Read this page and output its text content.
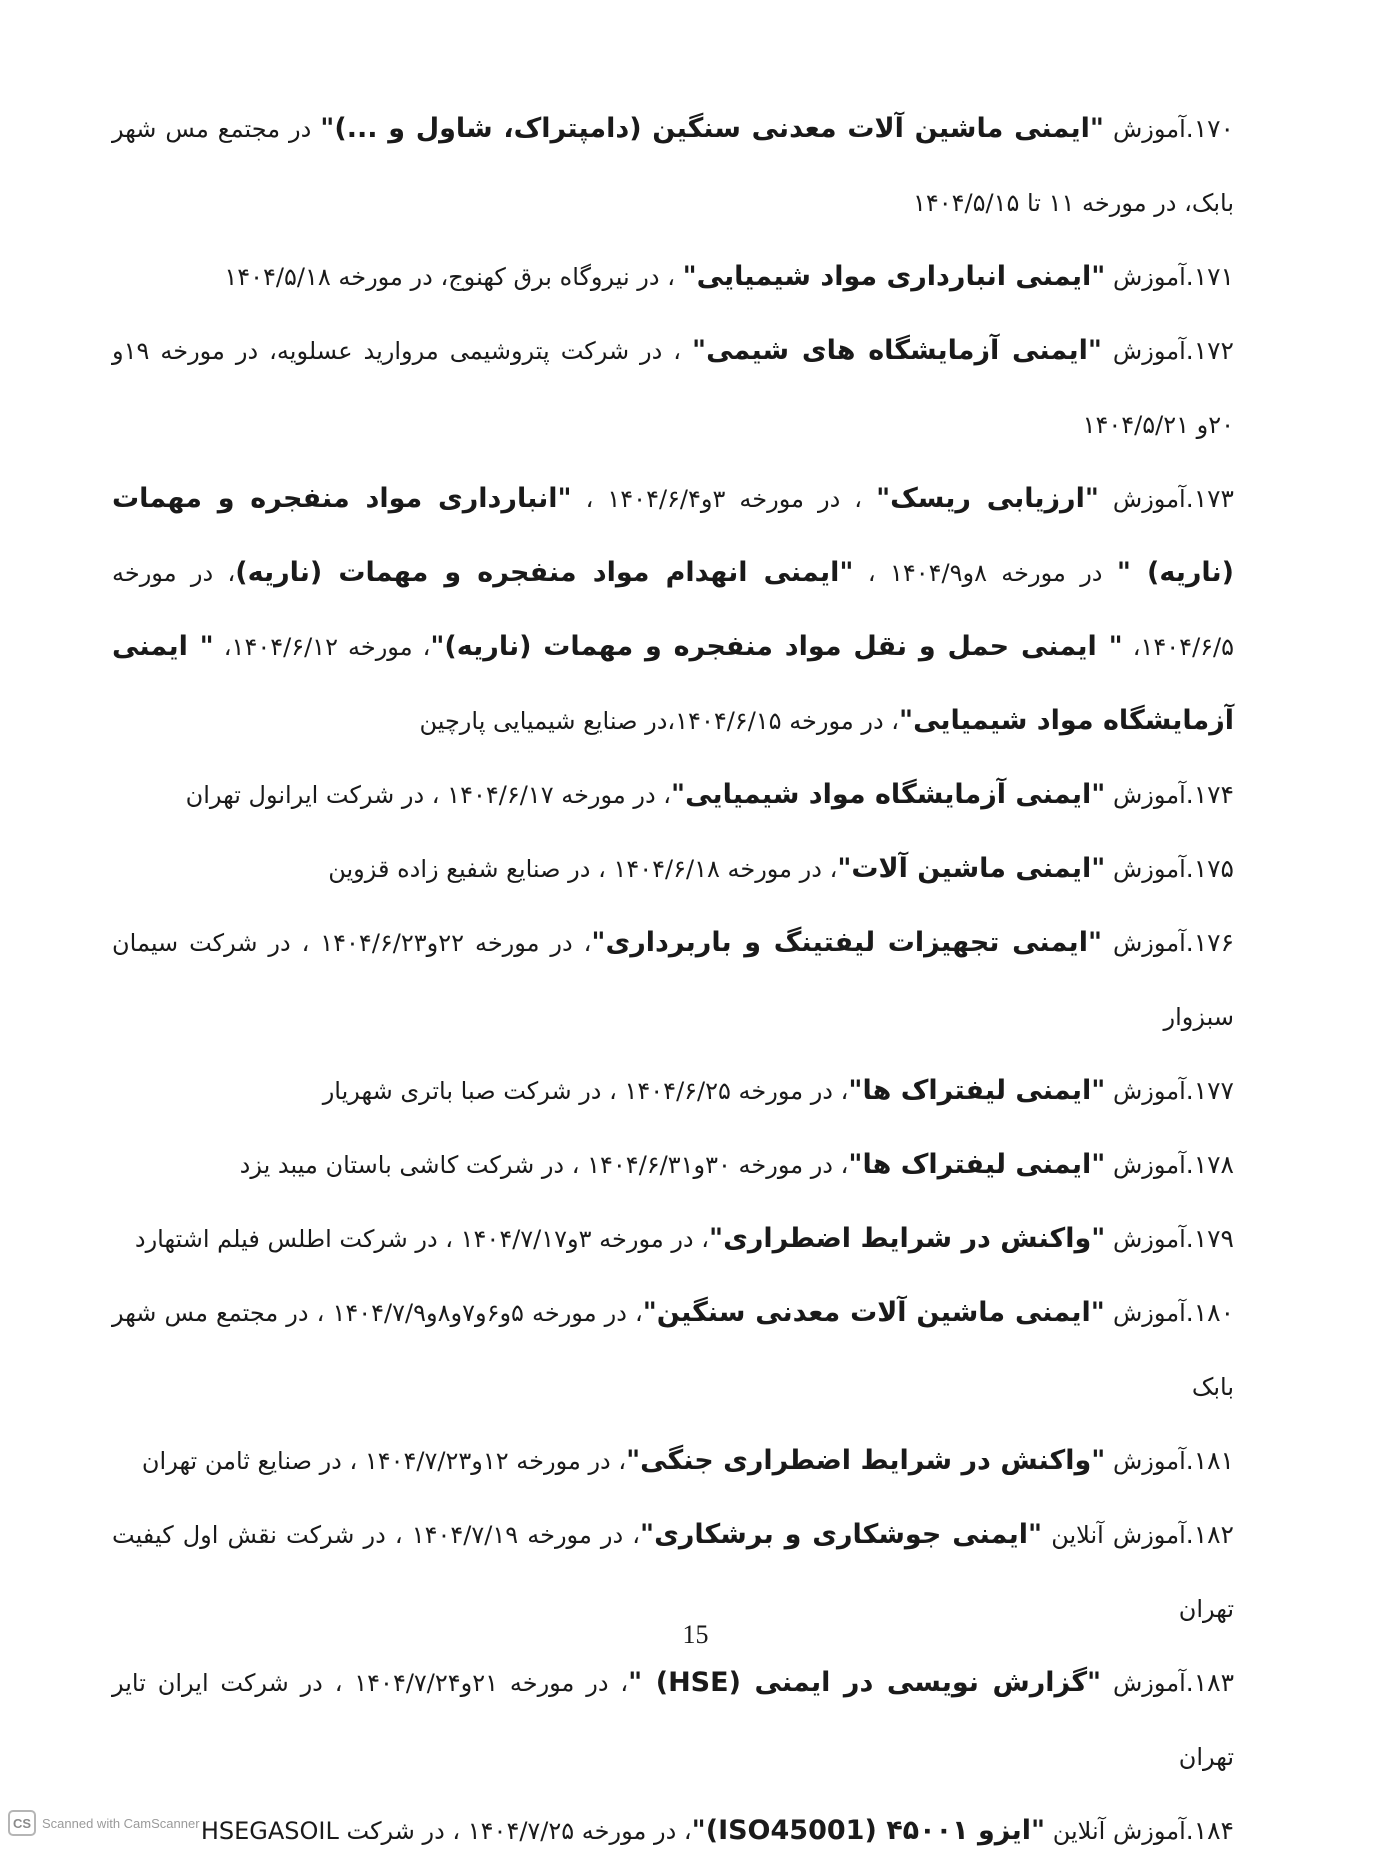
۱۷۰.آموزش "ایمنی ماشین آلات معدنی سنگین (دامپتراک، شاول و ...)" در مجتمع مس شهر بابک، در مورخه ۱۱ تا ۱۴۰۴/۵/۱۵

۱۷۱.آموزش "ایمنی انبارداری مواد شیمیایی" ، در نیروگاه برق کهنوج، در مورخه ۱۴۰۴/۵/۱۸

۱۷۲.آموزش "ایمنی آزمایشگاه های شیمی" ، در شرکت پتروشیمی مروارید عسلویه، در مورخه ۱۹و ۲۰و ۱۴۰۴/۵/۲۱

۱۷۳.آموزش "ارزیابی ریسک" ، در مورخه ۳و۱۴۰۴/۶/۴ ، "انبارداری مواد منفجره و مهمات (ناریه) " در مورخه ۸و۱۴۰۴/۹ ، "ایمنی انهدام مواد منفجره و مهمات (ناریه)، در مورخه ۱۴۰۴/۶/۵، " ایمنی حمل و نقل مواد منفجره و مهمات (ناریه)"، مورخه ۱۴۰۴/۶/۱۲، " ایمنی آزمایشگاه مواد شیمیایی"، در مورخه ۱۴۰۴/۶/۱۵،در صنایع شیمیایی پارچین

۱۷۴.آموزش "ایمنی آزمایشگاه مواد شیمیایی"، در مورخه ۱۴۰۴/۶/۱۷ ، در شرکت ایرانول تهران

۱۷۵.آموزش "ایمنی ماشین آلات"، در مورخه ۱۴۰۴/۶/۱۸ ، در صنایع شفیع زاده قزوین

۱۷۶.آموزش "ایمنی تجهیزات لیفتینگ و باربرداری"، در مورخه ۲۲و۱۴۰۴/۶/۲۳ ، در شرکت سیمان سبزوار

۱۷۷.آموزش "ایمنی لیفتراک ها"، در مورخه ۱۴۰۴/۶/۲۵ ، در شرکت صبا باتری شهریار

۱۷۸.آموزش "ایمنی لیفتراک ها"، در مورخه ۳۰و۱۴۰۴/۶/۳۱ ، در شرکت کاشی باستان میبد یزد

۱۷۹.آموزش "واکنش در شرایط اضطراری"، در مورخه ۳و۱۴۰۴/۷/۱۷ ، در شرکت اطلس فیلم اشتهارد

۱۸۰.آموزش "ایمنی ماشین آلات معدنی سنگین"، در مورخه ۵و۶و۷و۸و۱۴۰۴/۷/۹ ، در مجتمع مس شهر بابک

۱۸۱.آموزش "واکنش در شرایط اضطراری جنگی"، در مورخه ۱۲و۱۴۰۴/۷/۲۳ ، در صنایع ثامن تهران

۱۸۲.آموزش آنلاین "ایمنی جوشکاری و برشکاری"، در مورخه ۱۴۰۴/۷/۱۹ ، در شرکت نقش اول کیفیت تهران

۱۸۳.آموزش "گزارش نویسی در ایمنی (HSE) "، در مورخه ۲۱و۱۴۰۴/۷/۲۴ ، در شرکت ایران تایر تهران

۱۸۴.آموزش آنلاین "ایزو ۴۵۰۰۱ (ISO45001)"، در مورخه ۱۴۰۴/۷/۲۵ ، در شرکت HSEGASOIL

15
CS Scanned with CamScanner
